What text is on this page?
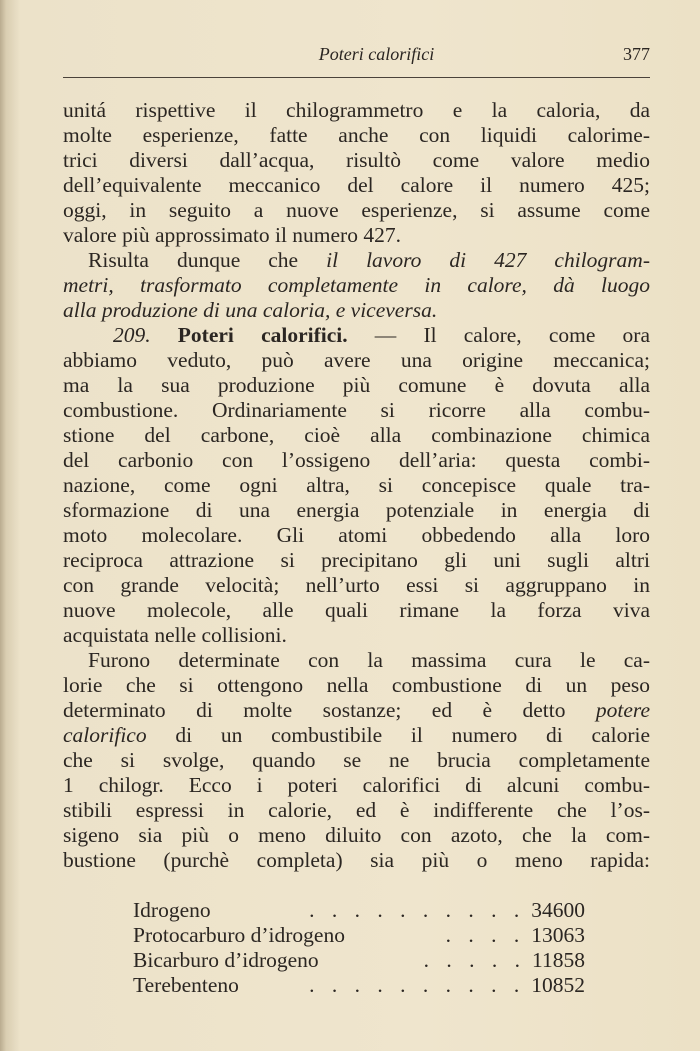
Poteri calorifici	377
unitá rispettive il chilogrammetro e la caloria, da
molte esperienze, fatte anche con liquidi calorime-
trici diversi dall’acqua, risultò come valore medio
dell’equivalente meccanico del calore il numero 425;
oggi, in seguito a nuove esperienze, si assume come
valore più approssimato il numero 427.
Risulta dunque che il lavoro di 427 chilogram-
metri, trasformato completamente in calore, dà luogo
alla produzione di una caloria, e viceversa.
209. Poteri calorifici. — Il calore, come ora
abbiamo veduto, può avere una origine meccanica;
ma la sua produzione più comune è dovuta alla
combustione. Ordinariamente si ricorre alla combu-
stione del carbone, cioè alla combinazione chimica
del carbonio con l’ossigeno dell’aria: questa combi-
nazione, come ogni altra, si concepisce quale tra-
sformazione di una energia potenziale in energia di
moto molecolare. Gli atomi obbedendo alla loro
reciproca attrazione si precipitano gli uni sugli altri
con grande velocità; nell’urto essi si aggruppano in
nuove molecole, alle quali rimane la forza viva
acquistata nelle collisioni.
Furono determinate con la massima cura le ca-
lorie che si ottengono nella combustione di un peso
determinato di molte sostanze; ed è detto potere
calorifico di un combustibile il numero di calorie
che si svolge, quando se ne brucia completamente
1 chilogr. Ecco i poteri calorifici di alcuni combu-
stibili espressi in calorie, ed è indifferente che l’os-
sigeno sia più o meno diluito con azoto, che la com-
bustione (purchè completa) sia più o meno rapida:
Idrogeno	. . . . . . . . . . 34600
Protocarburo d’idrogeno	. . . . 13063
Bicarburo d’idrogeno	. . . . . 11858
Terebenteno	. . . . . . . . . . 10852
